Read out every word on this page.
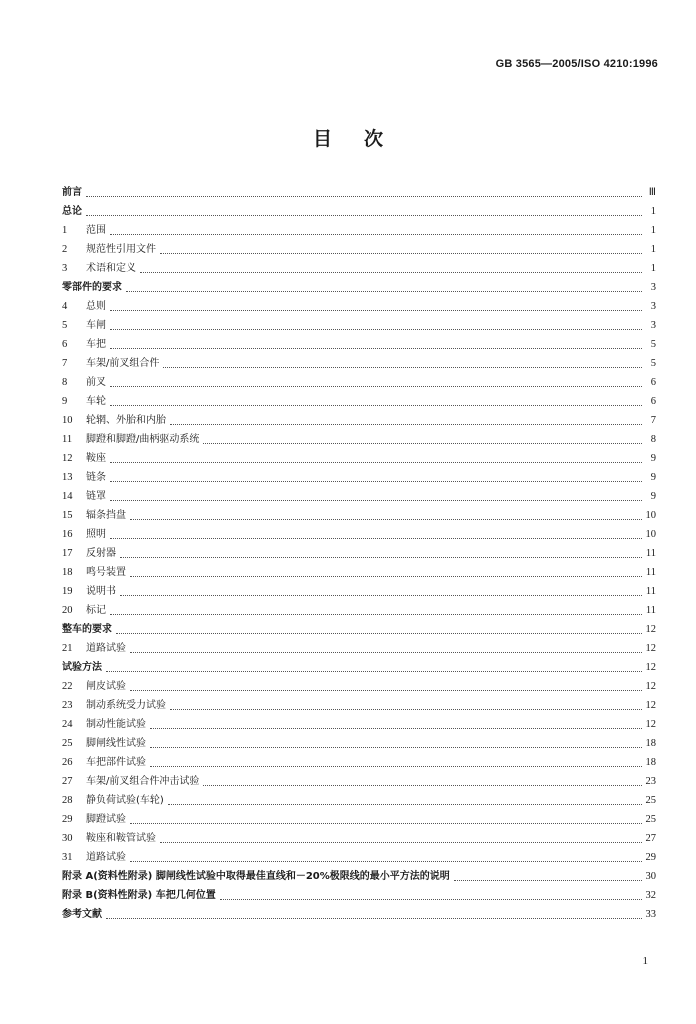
GB 3565—2005/ISO 4210:1996
目 次
前言	Ⅲ
总论	1
1	范围	1
2	规范性引用文件	1
3	术语和定义	1
零部件的要求	3
4	总则	3
5	车闸	3
6	车把	5
7	车架/前叉组合件	5
8	前叉	6
9	车轮	6
10	轮辋、外胎和内胎	7
11	脚蹬和脚蹬/曲柄驱动系统	8
12	鞍座	9
13	链条	9
14	链罩	9
15	辐条挡盘	10
16	照明	10
17	反射器	11
18	鸣号装置	11
19	说明书	11
20	标记	11
整车的要求	12
21	道路试验	12
试验方法	12
22	闸皮试验	12
23	制动系统受力试验	12
24	制动性能试验	12
25	脚闸线性试验	18
26	车把部件试验	18
27	车架/前叉组合件冲击试验	23
28	静负荷试验(车轮)	25
29	脚蹬试验	25
30	鞍座和鞍管试验	27
31	道路试验	29
附录 A(资料性附录) 脚闸线性试验中取得最佳直线和－20%极限线的最小平方法的说明	30
附录 B(资料性附录) 车把几何位置	32
参考文献	33
1
